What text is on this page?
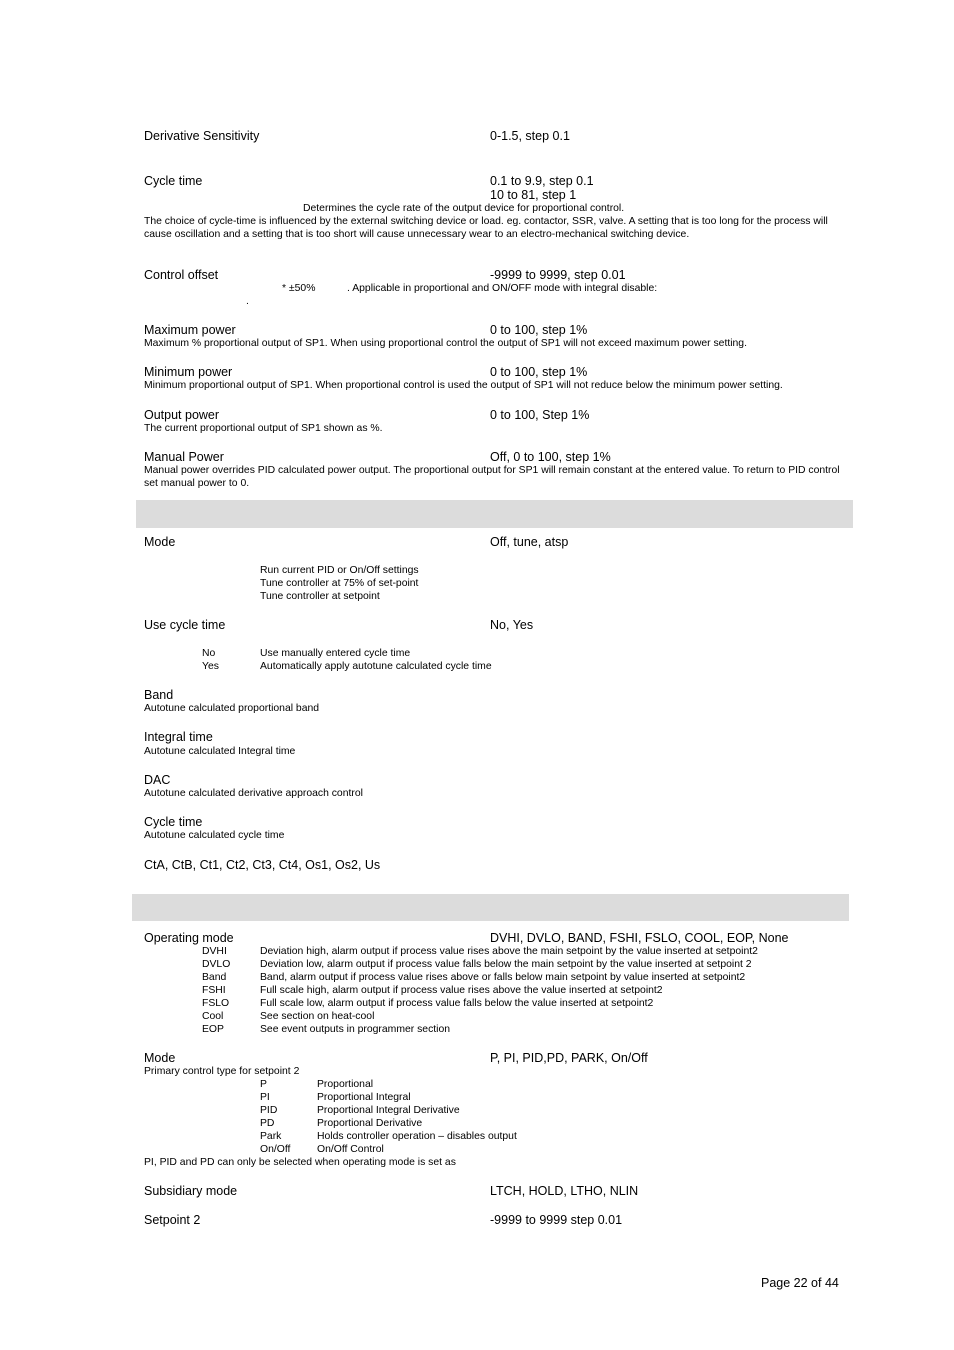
Derivative Sensitivity	0-1.5, step 0.1
Cycle time	0.1 to 9.9, step 0.1
10 to 81, step 1
Determines the cycle rate of the output device for proportional control.
The choice of cycle-time is influenced by the external switching device or load. eg. contactor, SSR, valve. A setting that is too long for the process will cause oscillation and a setting that is too short will cause unnecessary wear to an electro-mechanical switching device.
Control offset	-9999 to 9999, step 0.01
* ±50%	. Applicable in proportional and ON/OFF mode with integral disable:
.
Maximum power	0 to 100, step 1%
Maximum % proportional output of SP1. When using proportional control the output of SP1 will not exceed maximum power setting.
Minimum power	0 to 100, step 1%
Minimum proportional output of SP1. When proportional control is used the output of SP1 will not reduce below the minimum power setting.
Output power	0 to 100, Step 1%
The current proportional output of SP1 shown as %.
Manual Power	Off, 0 to 100, step 1%
Manual power overrides PID calculated power output. The proportional output for SP1 will remain constant at the entered value. To return to PID control set manual power to 0.
Mode	Off, tune, atsp
Run current PID or On/Off settings
Tune controller at 75% of set-point
Tune controller at setpoint
Use cycle time	No, Yes
No	Use manually entered cycle time
Yes	Automatically apply autotune calculated cycle time
Band
Autotune calculated proportional band
Integral time
Autotune calculated Integral time
DAC
Autotune calculated derivative approach control
Cycle time
Autotune calculated cycle time
CtA, CtB, Ct1, Ct2, Ct3, Ct4, Os1, Os2, Us
Operating mode	DVHI, DVLO, BAND, FSHI, FSLO, COOL, EOP, None
DVHI	Deviation high, alarm output if process value rises above the main setpoint by the value inserted at setpoint2
DVLO	Deviation low, alarm output if process value falls below the main setpoint by the value inserted at setpoint 2
Band	Band, alarm output if process value rises above or falls below main setpoint by value inserted at setpoint2
FSHI	Full scale high, alarm output if process value rises above the value inserted at setpoint2
FSLO	Full scale low, alarm output if process value falls below the value inserted at setpoint2
Cool	See section on heat-cool
EOP	See event outputs in programmer section
Mode	P, PI, PID,PD, PARK, On/Off
Primary control type for setpoint 2
P	Proportional
PI	Proportional Integral
PID	Proportional Integral Derivative
PD	Proportional Derivative
Park	Holds controller operation – disables output
On/Off	On/Off Control
PI, PID and PD can only be selected when operating mode is set as
Subsidiary mode	LTCH, HOLD, LTHO, NLIN
Setpoint 2	-9999 to 9999 step 0.01
Page 22 of 44
